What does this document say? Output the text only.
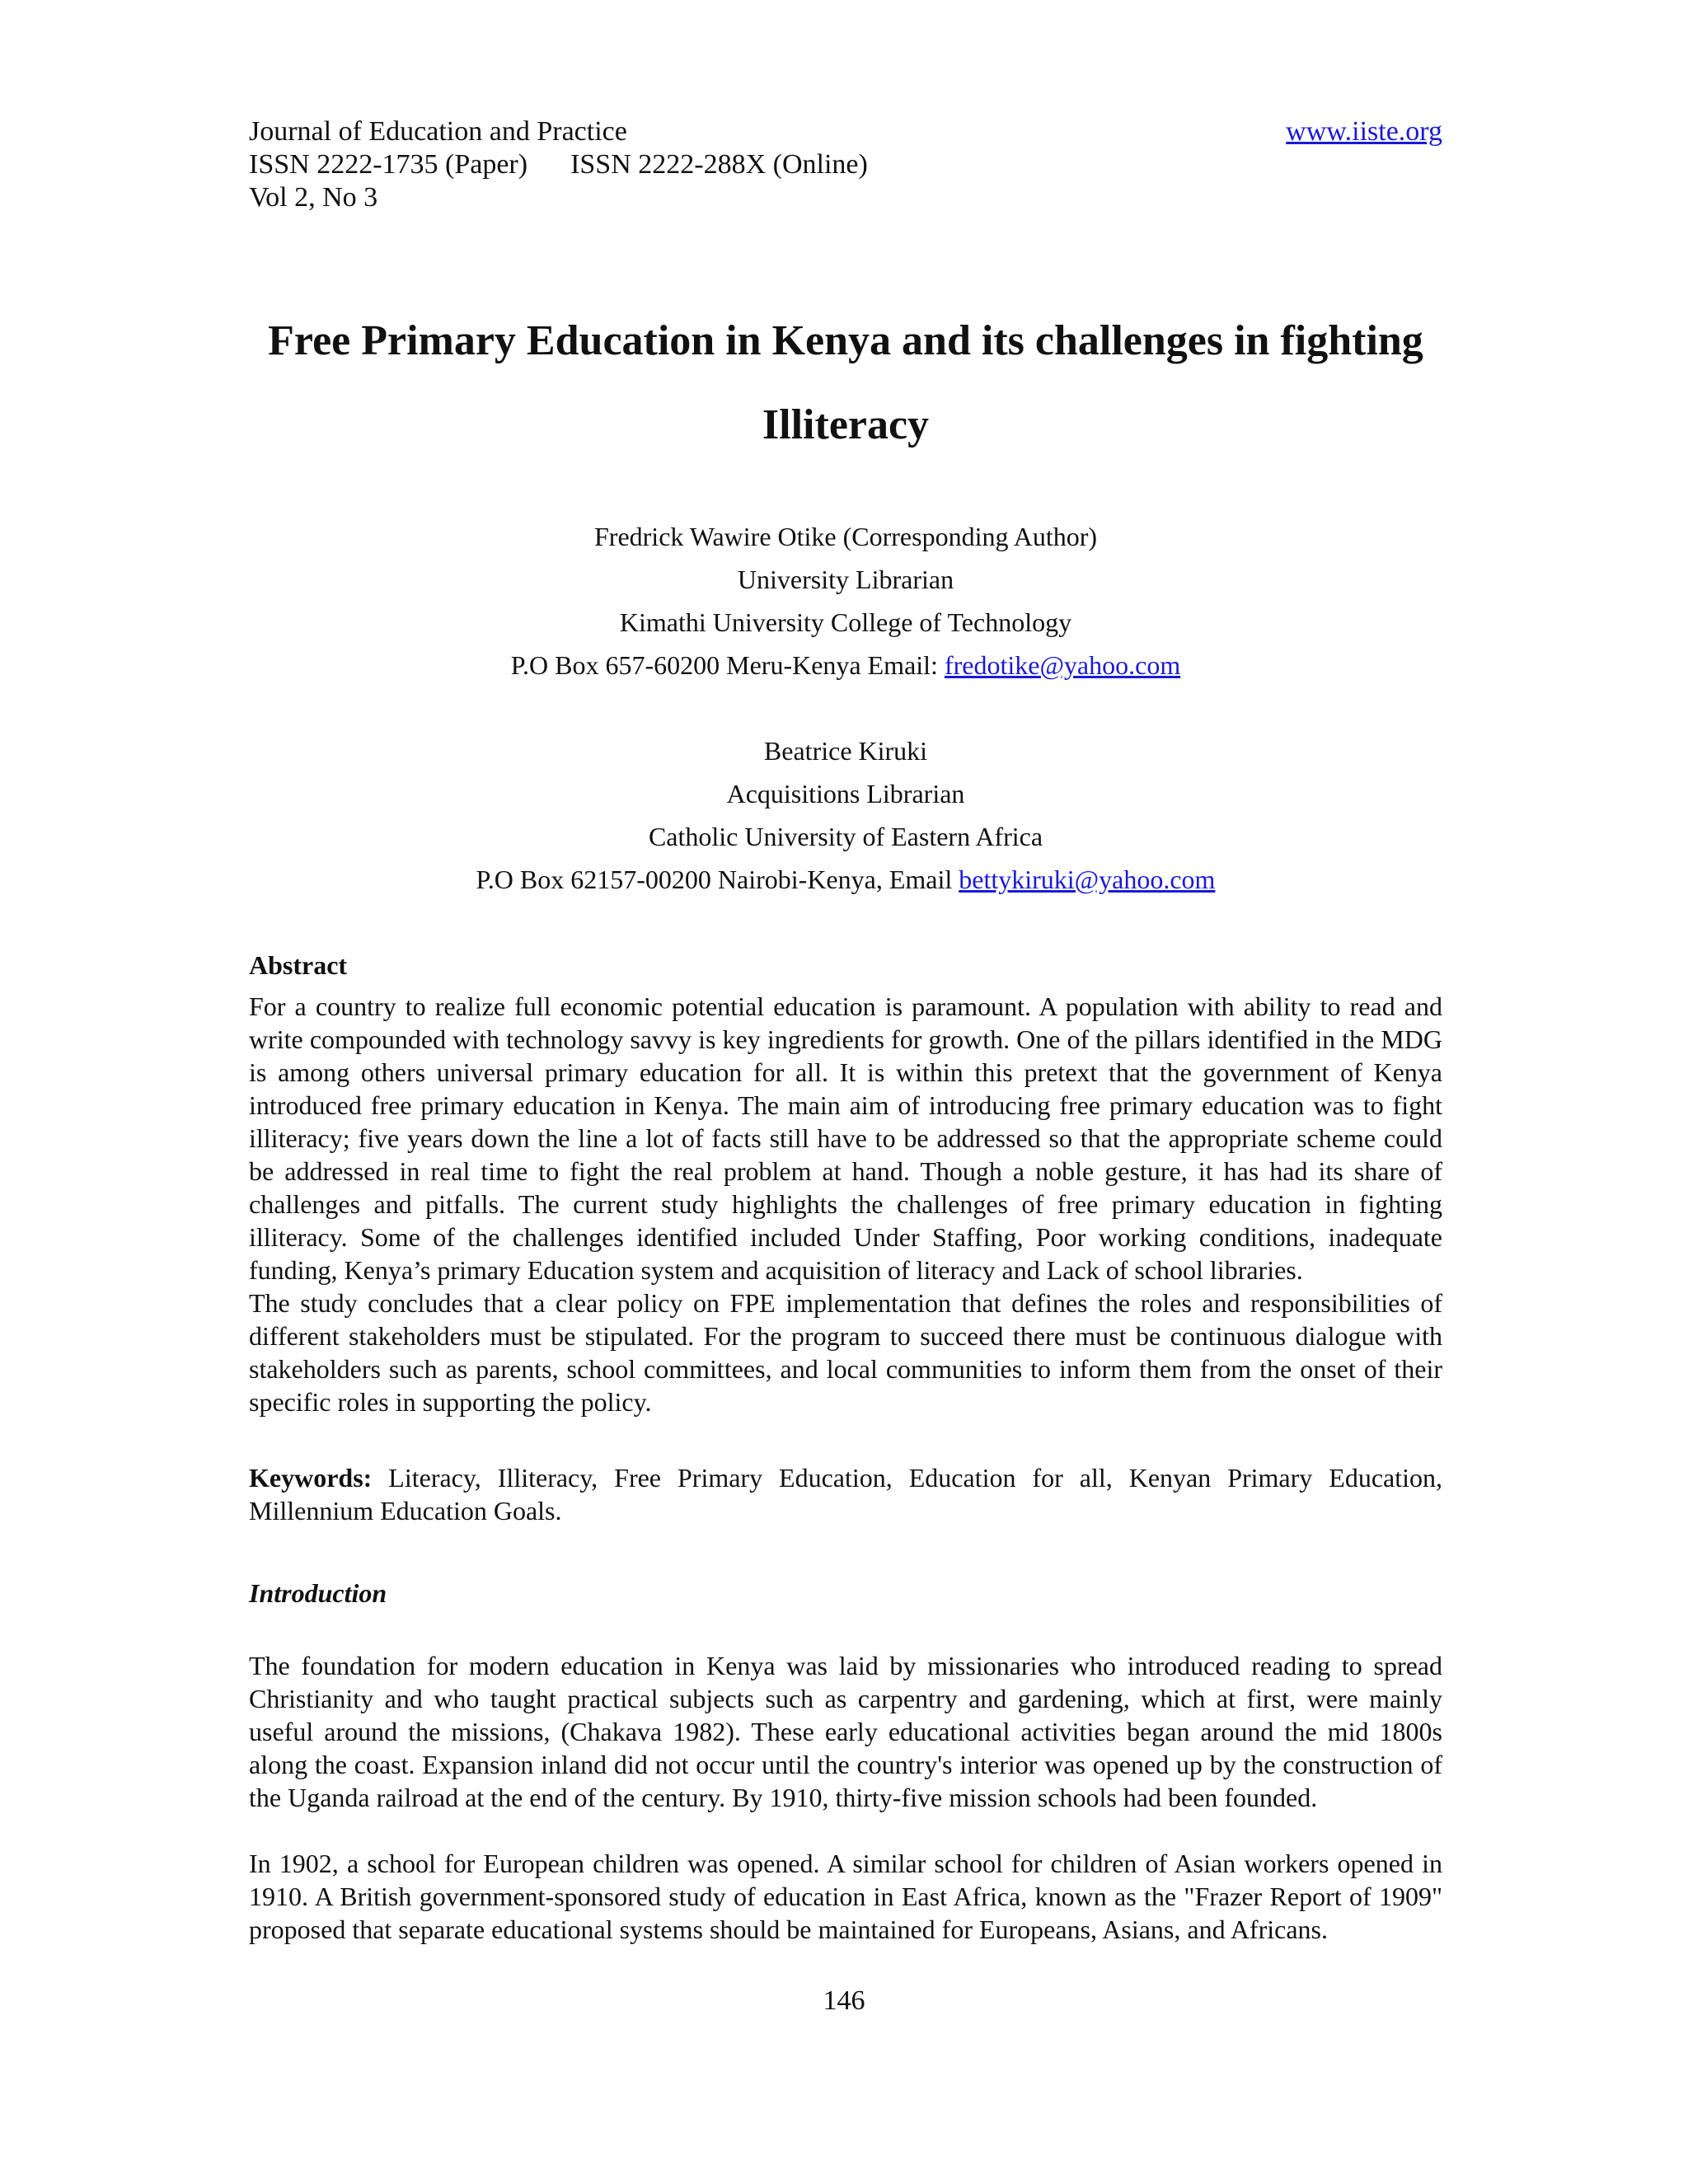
Journal of Education and Practice	www.iiste.org
ISSN 2222-1735 (Paper) ISSN 2222-288X (Online)
Vol 2, No 3
Free Primary Education in Kenya and its challenges in fighting
Illiteracy
Fredrick Wawire Otike (Corresponding Author)
University Librarian
Kimathi University College of Technology
P.O Box 657-60200 Meru-Kenya Email: fredotike@yahoo.com
Beatrice Kiruki
Acquisitions Librarian
Catholic University of Eastern Africa
P.O Box 62157-00200 Nairobi-Kenya, Email bettykiruki@yahoo.com
Abstract

For a country to realize full economic potential education is paramount. A population with ability to read and write compounded with technology savvy is key ingredients for growth. One of the pillars identified in the MDG is among others universal primary education for all. It is within this pretext that the government of Kenya introduced free primary education in Kenya. The main aim of introducing free primary education was to fight illiteracy; five years down the line a lot of facts still have to be addressed so that the appropriate scheme could be addressed in real time to fight the real problem at hand. Though a noble gesture, it has had its share of challenges and pitfalls. The current study highlights the challenges of free primary education in fighting illiteracy. Some of the challenges identified included Under Staffing, Poor working conditions, inadequate funding, Kenya’s primary Education system and acquisition of literacy and Lack of school libraries.

The study concludes that a clear policy on FPE implementation that defines the roles and responsibilities of different stakeholders must be stipulated. For the program to succeed there must be continuous dialogue with stakeholders such as parents, school committees, and local communities to inform them from the onset of their specific roles in supporting the policy.

Keywords: Literacy, Illiteracy, Free Primary Education, Education for all, Kenyan Primary Education, Millennium Education Goals.

Introduction

The foundation for modern education in Kenya was laid by missionaries who introduced reading to spread Christianity and who taught practical subjects such as carpentry and gardening, which at first, were mainly useful around the missions, (Chakava 1982). These early educational activities began around the mid 1800s along the coast. Expansion inland did not occur until the country's interior was opened up by the construction of the Uganda railroad at the end of the century. By 1910, thirty-five mission schools had been founded.

In 1902, a school for European children was opened. A similar school for children of Asian workers opened in 1910. A British government-sponsored study of education in East Africa, known as the "Frazer Report of 1909" proposed that separate educational systems should be maintained for Europeans, Asians, and Africans.

146
